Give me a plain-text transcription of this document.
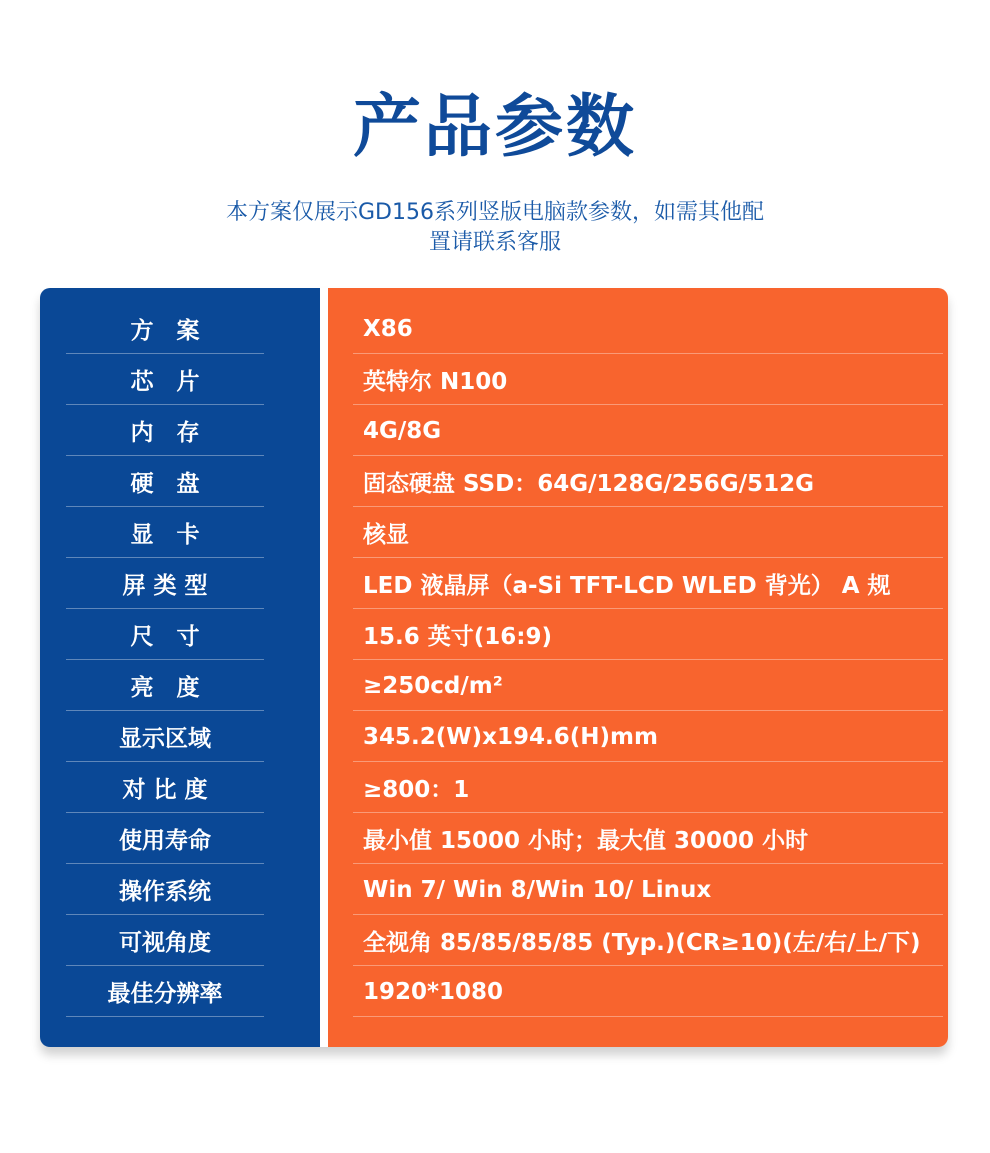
产品参数

本方案仅展示GD156系列竖版电脑款参数，如需其他配
置请联系客服

方　案
芯　片
内　存
硬　盘
显　卡
屏 类 型
尺　寸
亮　度
显示区域
对 比 度
使用寿命
操作系统
可视角度
最佳分辨率
X86
英特尔 N100
4G/8G
固态硬盘 SSD：64G/128G/256G/512G
核显
LED 液晶屏（a-Si TFT-LCD WLED 背光） A 规
15.6 英寸(16:9)
≥250cd/m²
345.2(W)x194.6(H)mm
≥800：1
最小值 15000 小时；最大值 30000 小时
Win 7/ Win 8/Win 10/ Linux
全视角 85/85/85/85 (Typ.)(CR≥10)(左/右/上/下)
1920*1080
